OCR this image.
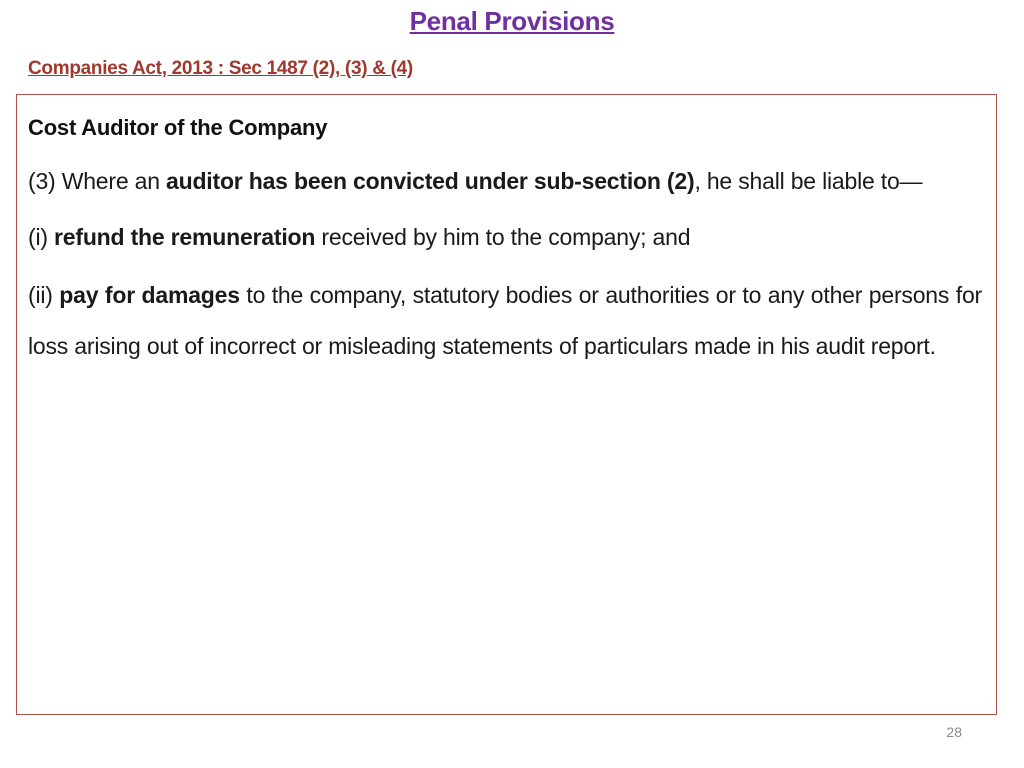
Penal Provisions
Companies Act, 2013 : Sec 1487 (2), (3) & (4)

Cost Auditor of the Company

(3) Where an auditor has been convicted under sub-section (2), he shall be liable to—

(i) refund the remuneration received by him to the company; and

(ii) pay for damages to the company, statutory bodies or authorities or to any other persons for loss arising out of incorrect or misleading statements of particulars made in his audit report.

28
